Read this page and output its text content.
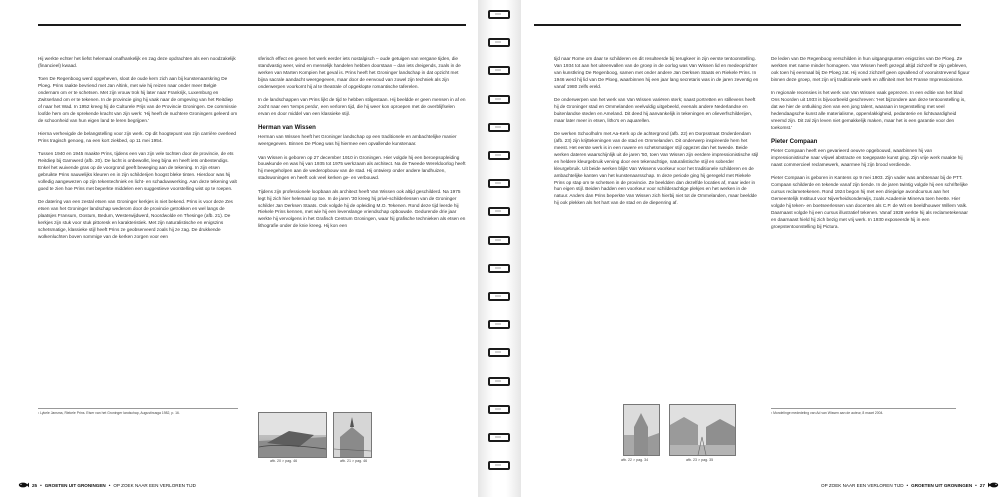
Hij werkte echter het liefst helemaal onafhankelijk en zag deze opdrachten als een noodzakelijk (financieel) kwaad.

Toen De Regenboog werd opgeheven, sloot de oude kern zich aan bij kunstenaarskring De Ploeg. Prins raakte bevriend met Jan Altink, met wie hij reizen naar onder meer België ondernam om er te schetsen. Met zijn vrouw trok hij later naar Frankrijk, Luxemburg en Zwitserland om er te tekenen. In de provincie ging hij vaak naar de omgeving van het Reitdiep of naar het Wad. In 1952 kreeg hij de Culturele Prijs van de Provincie Groningen. De commissie loofde hem om de sprekende kracht van zijn werk: 'Hij heeft de nuchtere Groningers geleerd om de schoonheid van hun eigen land te leren begrijpen.'

Hierna verhevigde de belangstelling voor zijn werk. Op dit hoogtepunt van zijn carrière overleed Prins tragisch genoeg, na een kort ziekbed, op 11 mei 1954.

Tussen 1940 en 1945 maakte Prins, tijdens een van zijn vele tochten door de provincie, de ets Reitdiep bij Garnwerd (afb. 20). De lucht is onbewolkt, leeg bijna en heeft iets onbestendigs. Enkel het wuivende gras op de voorgrond geeft beweging aan de tekening. In zijn etsen gebruikte Prins nauwelijks kleuren en in zijn schilderijen hoogst bleke tinten. Hierdoor was hij volledig aangewezen op zijn tekentechniek en licht- en schaduwwerking. Aan deze tekening valt goed te zien hoe Prins met beperkte middelen een suggestieve voorstelling wist op te roepen.

De datering van een zestal etsen van Groninger kerkjes is niet bekend. Prins is voor deze Zes etsen van het Groninger landschap wederom door de provincie getrokken en wel langs de plaatsjes Fransum, Oostum, Bedum, Westerwijdwerd, Noordwolde en Thesinge (afb. 21). De kerkjes zijn stuk voor stuk pittoresk en karakteristiek. Met zijn naturalistische en enigszins schetsmatige, klassieke stijl heeft Prins ze geobserveerd zoals hij ze zag. De drukkende wolkenluchten boven sommige van de kerken zorgen voor een

sferisch effect en geven het werk eerder iets nostalgisch – oude getuigen van vergane tijden, die standvastig weer, wind en menselijk handelen hebben doorstaan – dan iets dreigends, zoals in de werken van Marten Kompien het geval is. Prins heeft het Groninger landschap in dat opzicht met bijna sacrale aandacht weergegeven, maar door de eenvoud van zowel zijn techniek als zijn onderwerpen voorkomt hij al te theatrale of opgeklopte romantische taferelen.

In de landschappen van Prins lijkt de tijd te hebben stilgestaan. Hij beeldde er geen mensen in af en zocht naar een 'temps perdu', een verloren tijd, die hij weer kon oproepen met de overblijfselen ervan en door middel van een klassieke stijl.

Herman van Wissen

Herman van Wissen heeft het Groninger landschap op een traditionele en ambachtelijke manier weergegeven. Binnen De Ploeg was hij hiermee een opvallende kunstenaar.

Van Wissen is geboren op 27 december 1910 in Groningen. Hier volgde hij een beroepsopleiding bouwkunde en was hij van 1935 tot 1975 werkzaam als architect. Na de Tweede Wereldoorlog heeft hij meegeholpen aan de wederopbouw van de stad. Hij ontwierp onder andere landhuizen, stadswoningen en heeft ook veel kerken ge- en verbouwd.

Tijdens zijn professionele loopbaan als architect heeft Van Wissen ook altijd geschilderd. Na 1975 legt hij zich hier helemaal op toe. In de jaren '30 kreeg hij privé-schilderlessen van de Groninger schilder Jan Derksen Staats. Ook volgde hij de opleiding M.O. Tekenen. Rond deze tijd leerde hij Riekele Prins kennen, met wie hij een levenslange vriendschap opbouwde. Gedurende drie jaar werkte hij vervolgens in het Grafisch Centrum Groningen, waar hij grafische technieken als etsen en lithografie onder de knie kreeg. Hij kon een

¹ Lykele Jansma, Riekele Prins. Etser van het Groninger landschap, Augustinusga 1982, p. 16.
afb. 20 > pag. 46	afb. 21 > pag. 46
25 • GROETEN UIT GRONINGEN • OP ZOEK NAAR EEN VERLOREN TIJD

tijd naar Rome om daar te schilderen en dit resulteerde bij terugkeer in zijn eerste tentoonstelling. Van 1934 tot aan het uiteenvallen van de groep in de oorlog was Van Wissen lid en medeoprichter van kunstkring De Regenboog, samen met onder andere Jan Derksen Staats en Riekele Prins. In 1946 werd hij lid van De Ploeg, waarbinnen hij een jaar lang secretaris was in de jaren zeventig en vanaf 1980 zelfs ereld.

De onderwerpen van het werk van Van Wissen variëren sterk; naast portretten en stillevens heeft hij de Groninger stad en Ommelanden veelvuldig uitgebeeld, evenals andere Nederlandse en buitenlandse steden en Ameland. Dit deed hij aanvankelijk in tekeningen en olieverfschilderijen, maar later meer in etsen, litho's en aquarellen.

De werken Schoolholm met Aa-Kerk op de achtergrond (afb. 22) en Dorpsstraat Onderdendam (afb. 23) zijn krijttekeningen van de stad en Ommelanden. Dit onderwerp inspireerde hem het meest. Het eerste werk is in een ruwere en schetsmatiger stijl opgezet dan het tweede. Beide werken dateren waarschijnlijk uit de jaren '50, toen Van Wissen zijn eerdere impressionistische stijl en heldere kleurgebruik verving door een tekenachtige, naturalistische stijl en soberder kleurgebruik. Uit beide werken blijkt Van Wissens voorkeur voor het traditionele schilderen en de ambachtelijke kanten van het kunstenaarsschap. In deze periode ging hij geregeld met Riekele Prins op stap om te schetsen in de provincie. Ze beeldden dan dezelfde locaties af, maar ieder in hun eigen stijl. Beiden hadden een voorkeur voor schilderachtige plekjes en het werken in de natuur. Anders dan Prins beperkte Van Wissen zich hierbij niet tot de Ommelanden, maar beeldde hij ook plekken als het hart van de stad en de diepenring af.

De leden van De Regenboog verschilden in hun uitgangspunten enigszins van De Ploeg. Ze werkten met name minder homogeen. Van Wissen heeft gezegd altijd zichzelf te zijn gebleven, ook toen hij eenmaal bij De Ploeg zat. Hij vond zichzelf geen opvallend of vooruitstrevend figuur binnen deze groep, met zijn vrij traditionele werk en affiniteit met het Franse Impressionisme.

In regionale recensies is het werk van Van Wissen vaak geprezen. In een editie van het blad Ons Noorden uit 1933 is bijvoorbeeld geschreven: 'Het bijzondere aan deze tentoonstelling is, dat we hier de ontluiking zien van een jong talent, waaraan in tegenstelling met veel hedendaagsche kunst alle materialisme, oppervlakkigheid, pedanterie en lichtvaardigheid vreemd zijn. Dit zal zijn leven niet gemakkelijk maken, maar het is een garantie voor den toekomst.'

Pieter Compaan

Pieter Compaan heeft een gevarieerd oeuvre opgebouwd, waarbinnen hij van impressionistische naar vrijwel abstracte en toegepaste kunst ging. Zijn vrije werk maakte hij naast commercieel reclamewerk, waarmee hij zijn brood verdiende.

Pieter Compaan is geboren in Kantens op 9 mei 1903. Zijn vader was ambtenaar bij de PTT. Compaan schilderde en tekende vanaf zijn tiende. In de jaren twintig volgde hij een schriftelijke cursus reclametekenen. Rond 1924 begon hij met een driejarige avondcursus aan het Gemeentelijk Instituut voor Nijverheidsonderwijs, zoals Academie Minerva toen heette. Hier volgde hij teken- en boetseerlessen van docenten als C.P. de Wit en beeldhouwer Willem Valk. Daarnaast volgde hij een cursus illustratief tekenen. Vanaf 1928 werkte hij als reclametekenaar en daarnaast hield hij zich bezig met vrij werk. In 1930 exposeerde hij in een groepstentoonstelling bij Pictura.

afb. 22 > pag. 34	afb. 23 > pag. 35
² Mondelinge mededeling van Ad van Wissen aan de auteur, 8 maart 2004.
OP ZOEK NAAR EEN VERLOREN TIJD • GROETEN UIT GRONINGEN • 27
